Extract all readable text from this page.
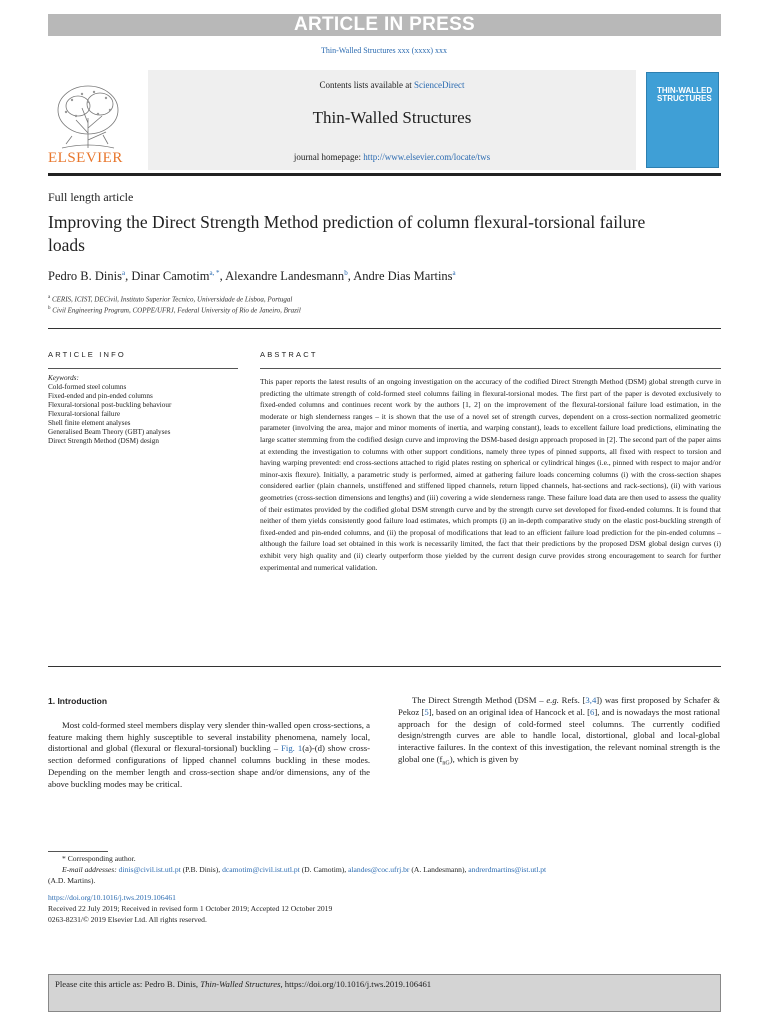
ARTICLE IN PRESS
Thin-Walled Structures xxx (xxxx) xxx
ELSEVIER
Contents lists available at ScienceDirect
Thin-Walled Structures
journal homepage: http://www.elsevier.com/locate/tws
THIN-WALLED
STRUCTURES
Full length article
Improving the Direct Strength Method prediction of column flexural-torsional failure loads
Pedro B. Dinis$^a$, Dinar Camotim$^{a, *}$, Alexandre Landesmann$^b$, Andre Dias Martins$^a$
$^a$ CERIS, ICIST, DECivil, Instituto Superior Tecnico, Universidade de Lisboa, Portugal
$^b$ Civil Engineering Program, COPPE/UFRJ, Federal University of Rio de Janeiro, Brazil
ARTICLE INFO	ABSTRACT
Keywords:
Cold-formed steel columns
Fixed-ended and pin-ended columns
Flexural-torsional post-buckling behaviour
Flexural-torsional failure
Shell finite element analyses
Generalised Beam Theory (GBT) analyses
Direct Strength Method (DSM) design
This paper reports the latest results of an ongoing investigation on the accuracy of the codified Direct Strength Method (DSM) global strength curve in predicting the ultimate strength of cold-formed steel columns failing in flexural-torsional modes. The first part of the paper is devoted exclusively to fixed-ended columns and continues recent work by the authors [1, 2] on the improvement of the flexural-torsional failure load estimation, in the moderate or high slenderness ranges – it is shown that the use of a novel set of strength curves, dependent on a cross-section normalized geometric parameter (involving the area, major and minor moments of inertia, and warping constant), leads to excellent failure load predictions, eliminating the large scatter stemming from the codified design curve and improving the DSM-based design approach proposed in [2]. The second part of the paper aims at extending the investigation to columns with other support conditions, namely three types of pinned supports, all fixed with respect to torsion and having warping prevented: end cross-sections attached to rigid plates resting on spherical or cylindrical hinges (i.e., pinned with respect to major and/or minor-axis flexure). Initially, a parametric study is performed, aimed at gathering failure loads concerning columns (i) with the cross-section shapes considered earlier (plain channels, unstiffened and stiffened lipped channels, return lipped channels, hat-sections and rack-sections), (ii) with various geometries (cross-section dimensions and lengths) and (iii) covering a wide slenderness range. These failure load data are then used to assess the quality of their estimates provided by the codified global DSM strength curve and by the strength curve set developed for fixed-ended columns. It is found that neither of them yields consistently good failure load estimates, which prompts (i) an in-depth comparative study on the elastic post-buckling strength of fixed-ended and pin-ended columns, and (ii) the proposal of modifications that lead to an efficient failure load prediction for the pin-ended columns – although the failure load set obtained in this work is necessarily limited, the fact that their predictions by the proposed DSM global design curves (i) exhibit very high quality and (ii) clearly outperform those yielded by the current design curve provides strong encouragement to search for further experimental and numerical validation.
1. Introduction
Most cold-formed steel members display very slender thin-walled open cross-sections, a feature making them highly susceptible to several instability phenomena, namely local, distortional and global (flexural or flexural-torsional) buckling – Fig. 1(a)-(d) show cross-section deformed configurations of lipped channel columns buckling in these modes. Depending on the member length and cross-section shape and/or dimensions, any of the above buckling modes may be critical.
The Direct Strength Method (DSM – e.g. Refs. [3,4]) was first proposed by Schafer & Pekoz [5], based on an original idea of Hancock et al. [6], and is nowadays the most rational approach for the design of cold-formed steel columns. The currently codified design/strength curves are able to handle local, distortional, global and local-global interactive failures. In the context of this investigation, the relevant nominal strength is the global one $(f_{nG})$, which is given by
* Corresponding author.
E-mail addresses: dinis@civil.ist.utl.pt (P.B. Dinis), dcamotim@civil.ist.utl.pt (D. Camotim), alandes@coc.ufrj.br (A. Landesmann), andrerdmartins@ist.utl.pt
(A.D. Martins).
https://doi.org/10.1016/j.tws.2019.106461
Received 22 July 2019; Received in revised form 1 October 2019; Accepted 12 October 2019
0263-8231/© 2019 Elsevier Ltd. All rights reserved.
Please cite this article as: Pedro B. Dinis, Thin-Walled Structures, https://doi.org/10.1016/j.tws.2019.106461
